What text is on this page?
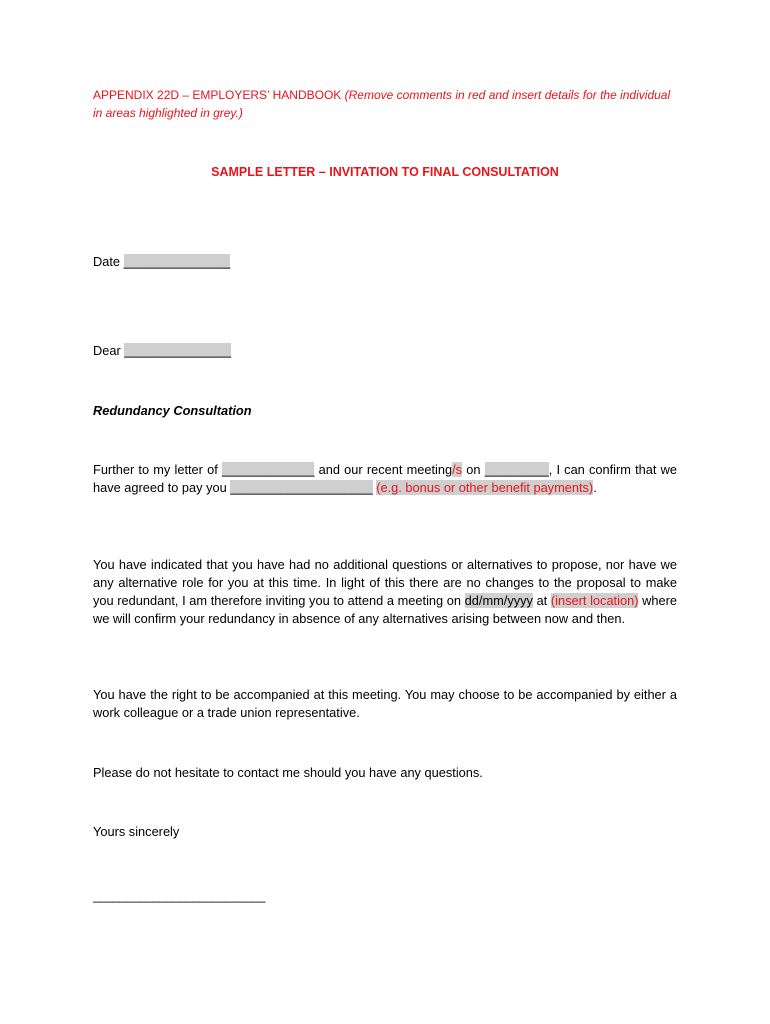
APPENDIX 22D – EMPLOYERS’ HANDBOOK (Remove comments in red and insert details for the individual in areas highlighted in grey.)
SAMPLE LETTER – INVITATION TO FINAL CONSULTATION
Date _______________
Dear _______________
Redundancy Consultation
Further to my letter of _____________ and our recent meeting/s on _________, I can confirm that we have agreed to pay you ____________________ (e.g. bonus or other benefit payments).
You have indicated that you have had no additional questions or alternatives to propose, nor have we any alternative role for you at this time. In light of this there are no changes to the proposal to make you redundant, I am therefore inviting you to attend a meeting on dd/mm/yyyy at (insert location) where we will confirm your redundancy in absence of any alternatives arising between now and then.
You have the right to be accompanied at this meeting. You may choose to be accompanied by either a work colleague or a trade union representative.
Please do not hesitate to contact me should you have any questions.
Yours sincerely
__________________________
